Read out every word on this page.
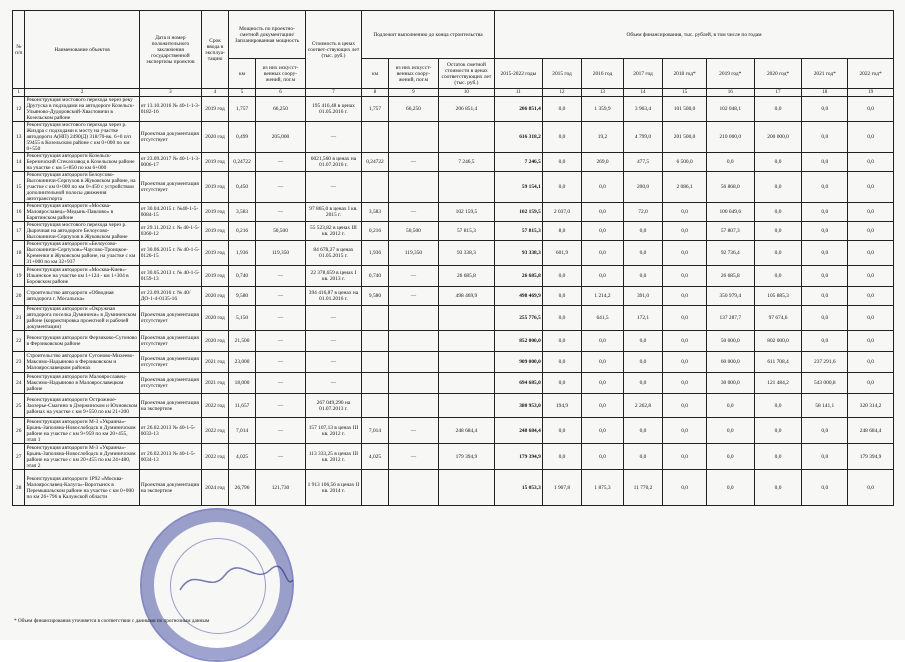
№ п/п	Наименование объектов	Дата и номер положительного заключения государственной экспертизы проектов	Срок ввода в эксплуа-тацию	Мощность по проектно-сметной документации/Запланированная мощность		Стоимость в ценах соответ-ствующих лет (тыс. руб.)	Подлежит выполнению до конца строительства			Объем финансирования, тыс. рублей, в том числе по годам								
				км	из них искусст-венных соору-жений, пог.м		км	из них искусст-венных соору-жений, пог.м	Остаток сметной стоимости в ценах соответствующих лет (тыс. руб.)	2015-2022 годы	2015 год	2016 год	2017 год	2018 год*	2019 год*	2020 год*	2021 год*	2022 год*
1	2	3	4	5	6	7	8	9	10	11	12	13	14	15	16	17	18	19
12	Реконструкция мостового перехода через реку Другуска в подходами на автодороге Козельск-Ульяново-Дудоровский-Хвастовичи в Козельском районе	от 13.10.2016 № 40-1-1-3-0182-16	2019 год	1,757	66,250	195 416,48 в ценах 01.05.2016 г.	1,757	66,250	206 851,4	206 851,4	0,0	1 359,9	3 963,4	101 500,0	102 048,1	0,0	0,0	0,0
13	Реконструкция мостового перехода через р. Жиздра с подходами к мосту на участке автодороги А(НП) 2490(Д) 318/70-вк. 6+0 п/п 59455 в Козельском районе с км 0+000 по км 0+550	Проектная документация отсутствует	2020 год	0,499	205,000	—				616 318,2	0,0	19,2	4 799,0	201 500,0	210 000,0	200 000,0	0,0	0,0
14	Реконструкция автодороги Козельск-Березичский Стеклозавод в Козельском районе на участке с км 5+850 по км 6+000	от 23.09.2017 № 40-1-1-3-0006-17	2019 год	0,24722	—	6021,560 в ценах на 01.07.2016 г.	0,24722	—	7 246,5	7 246,5	0,0	269,0	477,5	6 500,0	0,0	0,0	0,0	0,0
15	Реконструкция автодороги Белоусово-Высокиничи-Серпухов в Жуковском районе, на участке с км 0+000 по км 0+450 с устройством дополнительной полосы движения автотранспорта	Проектная документация отсутствует	2019 год	0,450	—	—				59 154,1	0,0	0,0	200,0	2 086,1	56 868,0	0,0	0,0	0,0
16	Реконструкция автодороги «Москва-Малоярославец»-Медынь-Павлово» в Барятинском районе	от 30.04.2015 г. №40-1-5-0084-15	2019 год	3,583	—	97 865,0 в ценах I кв. 2015 г.	3,583	—	102 159,5	102 159,5	2 037,0	0,0	72,0	0,0	100 049,6	0,0	0,0	0,0
17	Реконструкция мостового перехода через р. Дырочная на автодороге Белоусово-Высокиничи-Серпухов в Жуковском районе	от 29.11.2012 г. № 40-1-5-0360-12	2019 год	0,216	50,500	55 523,82 в ценах III кв. 2012 г.	0,216	50,500	57 815,3	57 815,3	8,0	0,0	0,0	0,0	57 807,3	0,0	0,0	0,0
18	Реконструкция автодороги «Белоусово-Высокиничи-Серпухов»-Чаусово-Троицкое-Кременки в Жуковском районе, на участке с км 31+000 по км 32+937	от 30.06.2015 г. № 40-1-5-0126-15	2019 год	1,936	119,350	84 678,27 в ценах 01.05.2015 г.	1,936	119,350	93 338,3	93 338,3	601,9	0,0	0,0	0,0	92 736,4	0,0	0,0	0,0
19	Реконструкция автодороги «Москва-Киев»-Ильинское на участке км 1+124 - км 1+304 в Боровском районе	от 30.05.2013 г. № 40-1-5-0159-13	2019 год	0,740	—	22 378,659 в ценах I кв. 2013 г.	0,740	—	26 685,8	26 685,8	0,0	0,0	0,0	0,0	26 685,8	0,0	0,0	0,0
20	Строительство автодороги «Обводная автодорога г. Мосальска»	от 23.09.2016 г. № 40/ДО-1-4-0135-16	2020 год	9,580	—	394 416,87 в ценах на 01.01.2016 г.	9,580	—	498 469,9	498 469,9	0,0	1 214,2	391,0	0,0	350 979,4	105 885,3	0,0	0,0
21	Реконструкция автодороги «Окружная автодорога поселка Думиничи» в Думиничском районе (корректировка проектной и рабочей документации)	Проектная документация отсутствует	2020 год	5,150	—	—				255 776,5	0,0	641,5	172,1	0,0	137 287,7	97 674,6	0,0	0,0
22	Реконструкция автодороги Ферзиково-Сугоново в Ферзиковском районе	Проектная документация отсутствует	2020 год	21,500	—	—				852 000,0	0,0	0,0	0,0	0,0	50 000,0	802 000,0	0,0	0,0
23	Строительство автодороги Сугоново-Михеево-Максимо-Надьяново в Ферзиковском и Малоярославецком районах	Проектная документация отсутствует	2021 год	23,000	—	—				909 000,0	0,0	0,0	0,0	0,0	60 000,0	611 708,4	237 291,6	0,0
24	Реконструкция автодороги Малоярославец-Максимо-Надьяново в Малоярославецком районе	Проектная документация отсутствует	2021 год	18,000	—	—				694 685,0	0,0	0,0	0,0	0,0	30 000,0	121 484,2	543 000,8	0,0
25	Реконструкция автодороги Острожное-Заозерье-Смагино в Дзержинском и Юхновском районах на участке с км 9+550 по км 21+200	Проектная документация на экспертизе	2022 год	11,657	—	267 049,290 на 01.07.2013 г.				380 953,0	194,9	0,0	2 262,8	0,0	0,0	0,0	58 141,1	320 314,2
26	Реконструкция автодороги М-3 «Украина»-Брынь-Заполяна-Новослободск в Думиничском районе на участке с км 9+959 по км 20+455, этап 1	от 26.02.2013 № 40-1-5-0033-13	2022 год	7,014	—	157 107,13 в ценах III кв. 2012 г.	7,014	—	248 684,4	248 684,4	0,0	0,0	0,0	0,0	0,0	0,0	0,0	248 684,4
27	Реконструкция автодороги М-3 «Украина»-Брынь-Заполяна-Новослободск в Думиничском районе на участке с км 20+455 по км 24+480, этап 2	от 26.02.2013 № 40-1-5-0034-13	2022 год	4,025	—	113 333,25 в ценах III кв. 2012 г.	4,025	—	179 394,9	179 394,9	0,0	0,0	0,0	0,0	0,0	0,0	0,0	179 394,9
28	Реконструкция автодороги 1Р92 «Москва-Малоярославец-Калуга»-Воротынск в Перемышльском районе на участке с км 0+000 по км 26+796 в Калужской области	Проектная документация на экспертизе	2024 год	26,796	121,730	1 913 106,56 в ценах II кв. 2014 г.				15 053,3	1 907,8	1 875,3	11 770,2	0,0	0,0	0,0	0,0	0,0
* Объем финансирования уточняется в соответствии с данными по прогнозным данным
